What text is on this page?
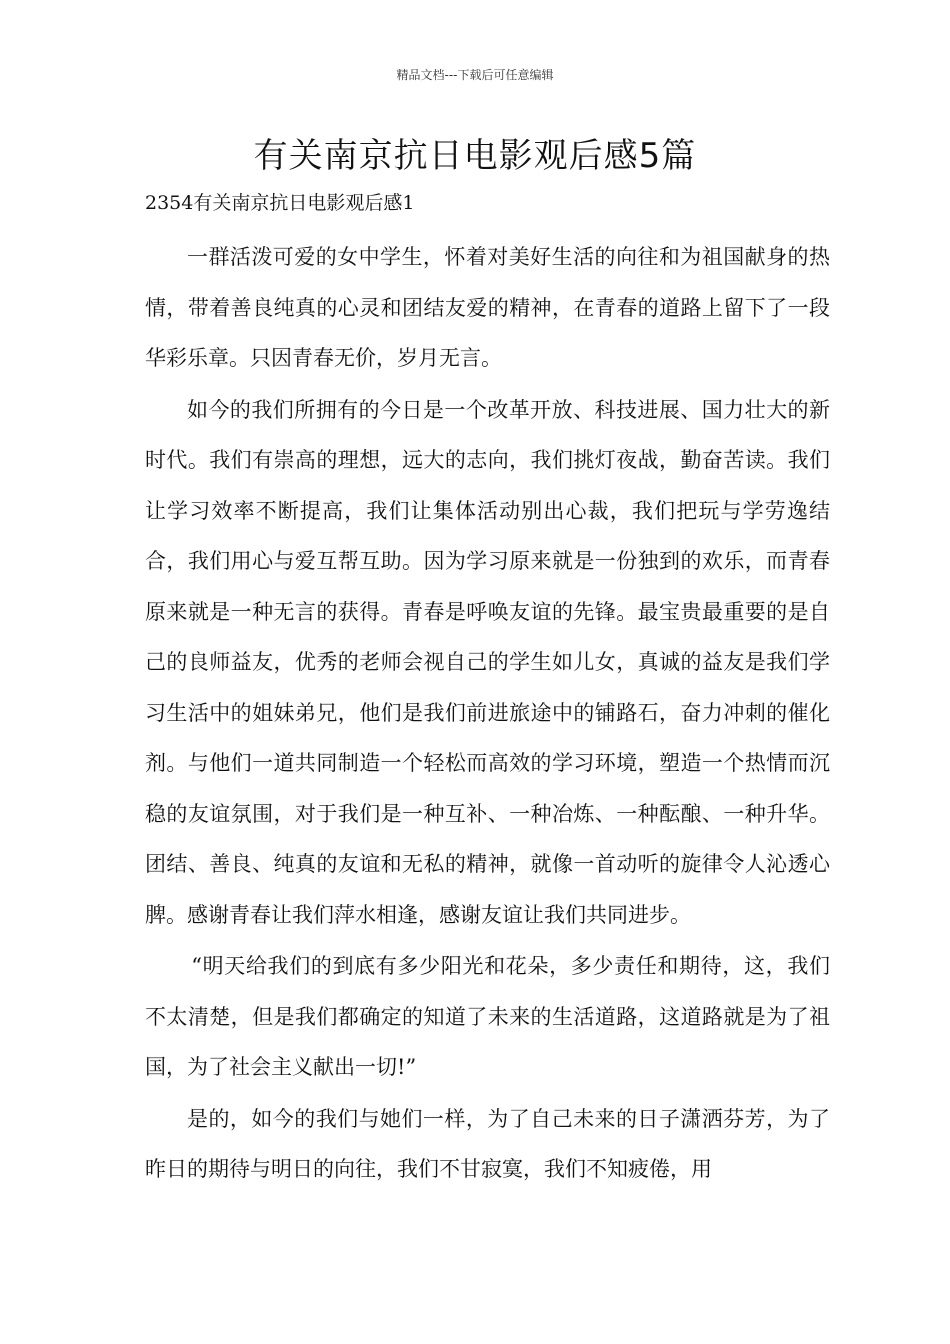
精品文档---下载后可任意编辑
有关南京抗日电影观后感5篇

2354有关南京抗日电影观后感1

一群活泼可爱的女中学生，怀着对美好生活的向往和为祖国献身的热情，带着善良纯真的心灵和团结友爱的精神，在青春的道路上留下了一段华彩乐章。只因青春无价，岁月无言。

如今的我们所拥有的今日是一个改革开放、科技进展、国力壮大的新时代。我们有崇高的理想，远大的志向，我们挑灯夜战，勤奋苦读。我们让学习效率不断提高，我们让集体活动别出心裁，我们把玩与学劳逸结合，我们用心与爱互帮互助。因为学习原来就是一份独到的欢乐，而青春原来就是一种无言的获得。青春是呼唤友谊的先锋。最宝贵最重要的是自己的良师益友，优秀的老师会视自己的学生如儿女，真诚的益友是我们学习生活中的姐妹弟兄，他们是我们前进旅途中的铺路石，奋力冲刺的催化剂。与他们一道共同制造一个轻松而高效的学习环境，塑造一个热情而沉稳的友谊氛围，对于我们是一种互补、一种冶炼、一种酝酿、一种升华。团结、善良、纯真的友谊和无私的精神，就像一首动听的旋律令人沁透心脾。感谢青春让我们萍水相逢，感谢友谊让我们共同进步。

“明天给我们的到底有多少阳光和花朵，多少责任和期待，这，我们不太清楚，但是我们都确定的知道了未来的生活道路，这道路就是为了祖国，为了社会主义献出一切!”

是的，如今的我们与她们一样，为了自己未来的日子潇洒芬芳，为了昨日的期待与明日的向往，我们不甘寂寞，我们不知疲倦，用
